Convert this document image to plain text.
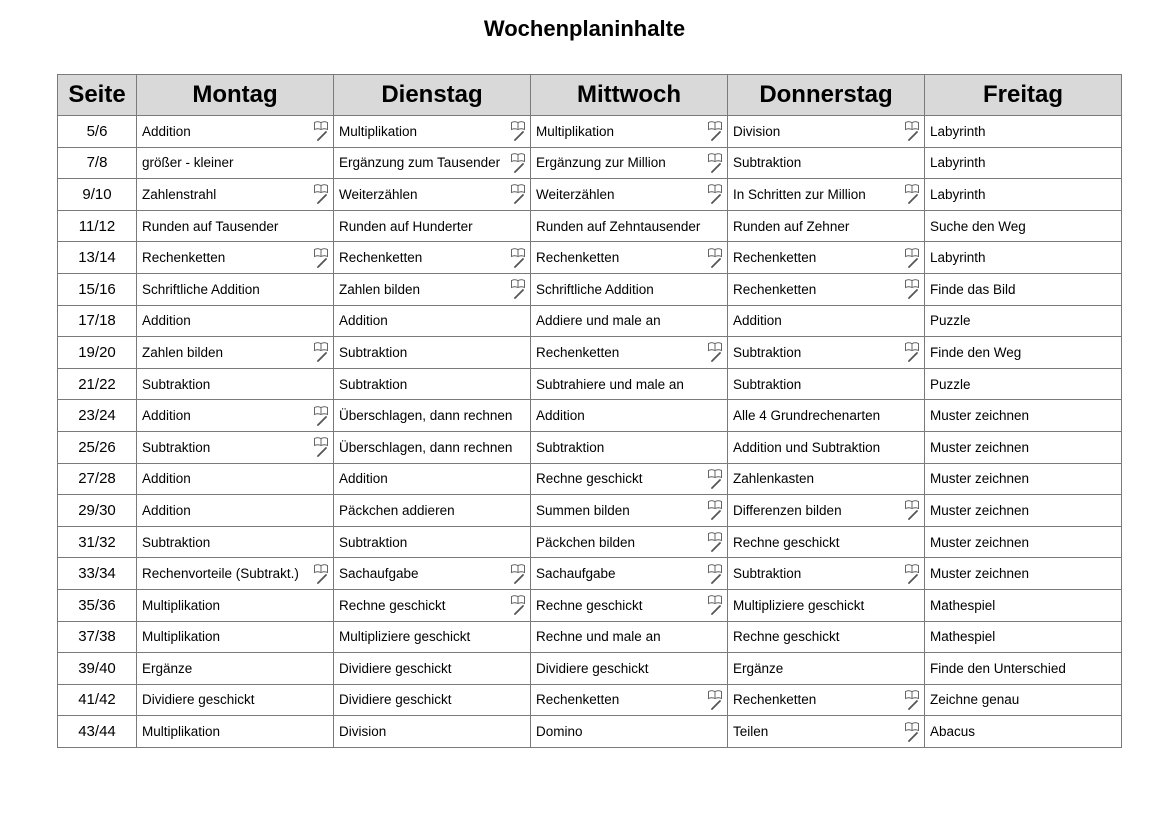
Wochenplaninhalte
Seite	Montag	Dienstag	Mittwoch	Donnerstag	Freitag
5/6	Addition	Multiplikation	Multiplikation	Division	Labyrinth

7/8	größer - kleiner	Ergänzung zum Tausender	Ergänzung zur Million	Subtraktion	Labyrinth

9/10	Zahlenstrahl	Weiterzählen	Weiterzählen	In Schritten zur Million	Labyrinth

11/12	Runden auf Tausender	Runden auf Hunderter	Runden auf Zehntausender	Runden auf Zehner	Suche den Weg

13/14	Rechenketten	Rechenketten	Rechenketten	Rechenketten	Labyrinth

15/16	Schriftliche Addition	Zahlen bilden	Schriftliche Addition	Rechenketten	Finde das Bild

17/18	Addition	Addition	Addiere und male an	Addition	Puzzle

19/20	Zahlen bilden	Subtraktion	Rechenketten	Subtraktion	Finde den Weg

21/22	Subtraktion	Subtraktion	Subtrahiere und male an	Subtraktion	Puzzle

23/24	Addition	Überschlagen, dann rechnen	Addition	Alle 4 Grundrechenarten	Muster zeichnen

25/26	Subtraktion	Überschlagen, dann rechnen	Subtraktion	Addition und Subtraktion	Muster zeichnen

27/28	Addition	Addition	Rechne geschickt	Zahlenkasten	Muster zeichnen

29/30	Addition	Päckchen addieren	Summen bilden	Differenzen bilden	Muster zeichnen

31/32	Subtraktion	Subtraktion	Päckchen bilden	Rechne geschickt	Muster zeichnen

33/34	Rechenvorteile (Subtrakt.)	Sachaufgabe	Sachaufgabe	Subtraktion	Muster zeichnen

35/36	Multiplikation	Rechne geschickt	Rechne geschickt	Multipliziere geschickt	Mathespiel

37/38	Multiplikation	Multipliziere geschickt	Rechne und male an	Rechne geschickt	Mathespiel

39/40	Ergänze	Dividiere geschickt	Dividiere geschickt	Ergänze	Finde den Unterschied

41/42	Dividiere geschickt	Dividiere geschickt	Rechenketten	Rechenketten	Zeichne genau

43/44	Multiplikation	Division	Domino	Teilen	Abacus
